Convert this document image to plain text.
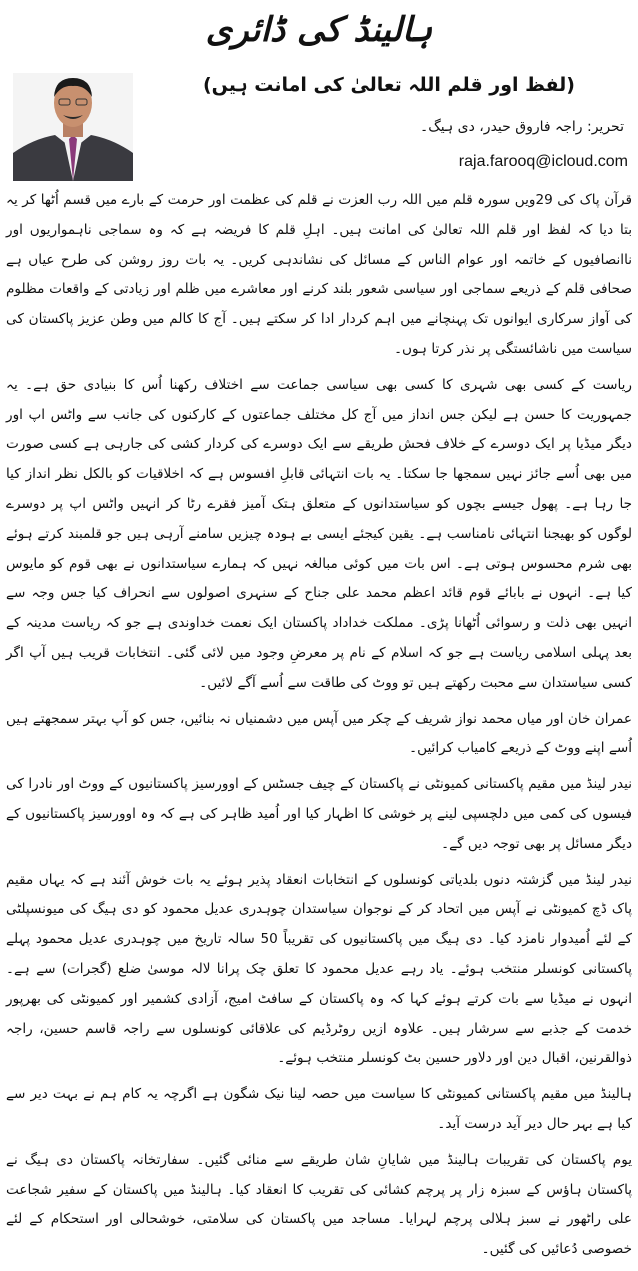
ہالینڈ کی ڈائری
(لفظ اور قلم اللہ تعالیٰ کی امانت ہیں)
تحریر: راجہ فاروق حیدر، دی ہیگ۔
raja.farooq@icloud.com

قرآن پاک کی 29ویں سورہ قلم میں اللہ رب العزت نے قلم کی عظمت اور حرمت کے بارے میں قسم اُٹھا کر یہ بتا دیا کہ لفظ اور قلم اللہ تعالیٰ کی امانت ہیں۔ اہلِ قلم کا فریضہ ہے کہ وہ سماجی ناہمواریوں اور ناانصافیوں کے خاتمہ اور عوام الناس کے مسائل کی نشاندہی کریں۔ یہ بات روز روشن کی طرح عیاں ہے صحافی قلم کے ذریعے سماجی اور سیاسی شعور بلند کرنے اور معاشرے میں ظلم اور زیادتی کے واقعات مظلوم کی آواز سرکاری ایوانوں تک پہنچانے میں اہم کردار ادا کر سکتے ہیں۔ آج کا کالم میں وطن عزیز پاکستان کی سیاست میں ناشائستگی پر نذر کرتا ہوں۔

ریاست کے کسی بھی شہری کا کسی بھی سیاسی جماعت سے اختلاف رکھنا اُس کا بنیادی حق ہے۔ یہ جمہوریت کا حسن ہے لیکن جس انداز میں آج کل مختلف جماعتوں کے کارکنوں کی جانب سے واٹس اپ اور دیگر میڈیا پر ایک دوسرے کے خلاف فحش طریقے سے ایک دوسرے کی کردار کشی کی جارہی ہے کسی صورت میں بھی اُسے جائز نہیں سمجھا جا سکتا۔ یہ بات انتہائی قابلِ افسوس ہے کہ اخلاقیات کو بالکل نظر انداز کیا جا رہا ہے۔ پھول جیسے بچوں کو سیاستدانوں کے متعلق ہتک آمیز فقرے رٹا کر انہیں واٹس اپ پر دوسرے لوگوں کو بھیجنا انتہائی نامناسب ہے۔ یقین کیجئے ایسی بے ہودہ چیزیں سامنے آرہی ہیں جو قلمبند کرتے ہوئے بھی شرم محسوس ہوتی ہے۔ اس بات میں کوئی مبالغہ نہیں کہ ہمارے سیاستدانوں نے بھی قوم کو مایوس کیا ہے۔ انہوں نے بابائے قوم قائد اعظم محمد علی جناح کے سنہری اصولوں سے انحراف کیا جس وجہ سے انہیں بھی ذلت و رسوائی اُٹھانا پڑی۔ مملکت خداداد پاکستان ایک نعمت خداوندی ہے جو کہ ریاست مدینہ کے بعد پہلی اسلامی ریاست ہے جو کہ اسلام کے نام پر معرضِ وجود میں لائی گئی۔ انتخابات قریب ہیں آپ اگر کسی سیاستدان سے محبت رکھتے ہیں تو ووٹ کی طاقت سے اُسے آگے لائیں۔

عمران خان اور میاں محمد نواز شریف کے چکر میں آپس میں دشمنیاں نہ بنائیں، جس کو آپ بہتر سمجھتے ہیں اُسے اپنے ووٹ کے ذریعے کامیاب کرائیں۔

نیدر لینڈ میں مقیم پاکستانی کمیونٹی نے پاکستان کے چیف جسٹس کے اوورسیز پاکستانیوں کے ووٹ اور نادرا کی فیسوں کی کمی میں دلچسپی لینے پر خوشی کا اظہار کیا اور اُمید ظاہر کی ہے کہ وہ اوورسیز پاکستانیوں کے دیگر مسائل پر بھی توجہ دیں گے۔

نیدر لینڈ میں گزشتہ دنوں بلدیاتی کونسلوں کے انتخابات انعقاد پذیر ہوئے یہ بات خوش آئند ہے کہ یہاں مقیم پاک ڈچ کمیونٹی نے آپس میں اتحاد کر کے نوجوان سیاستدان چوہدری عدیل محمود کو دی ہیگ کی میونسپلٹی کے لئے اُمیدوار نامزد کیا۔ دی ہیگ میں پاکستانیوں کی تقریباً 50 سالہ تاریخ میں چوہدری عدیل محمود پہلے پاکستانی کونسلر منتخب ہوئے۔ یاد رہے عدیل محمود کا تعلق چک پرانا لالہ موسیٰ ضلع (گجرات) سے ہے۔ انہوں نے میڈیا سے بات کرتے ہوئے کہا کہ وہ پاکستان کے سافٹ امیج، آزادی کشمیر اور کمیونٹی کی بھرپور خدمت کے جذبے سے سرشار ہیں۔ علاوہ ازیں روٹرڈیم کی علاقائی کونسلوں سے راجہ قاسم حسین، راجہ ذوالقرنین، اقبال دین اور دلاور حسین بٹ کونسلر منتخب ہوئے۔

ہالینڈ میں مقیم پاکستانی کمیونٹی کا سیاست میں حصہ لینا نیک شگون ہے اگرچہ یہ کام ہم نے بہت دیر سے کیا ہے بہر حال دیر آید درست آید۔

یوم پاکستان کی تقریبات ہالینڈ میں شایانِ شان طریقے سے منائی گئیں۔ سفارتخانہ پاکستان دی ہیگ نے پاکستان ہاؤس کے سبزہ زار پر پرچم کشائی کی تقریب کا انعقاد کیا۔ ہالینڈ میں پاکستان کے سفیر شجاعت علی راٹھور نے سبز ہلالی پرچم لہرایا۔ مساجد میں پاکستان کی سلامتی، خوشحالی اور استحکام کے لئے خصوصی دُعائیں کی گئیں۔
